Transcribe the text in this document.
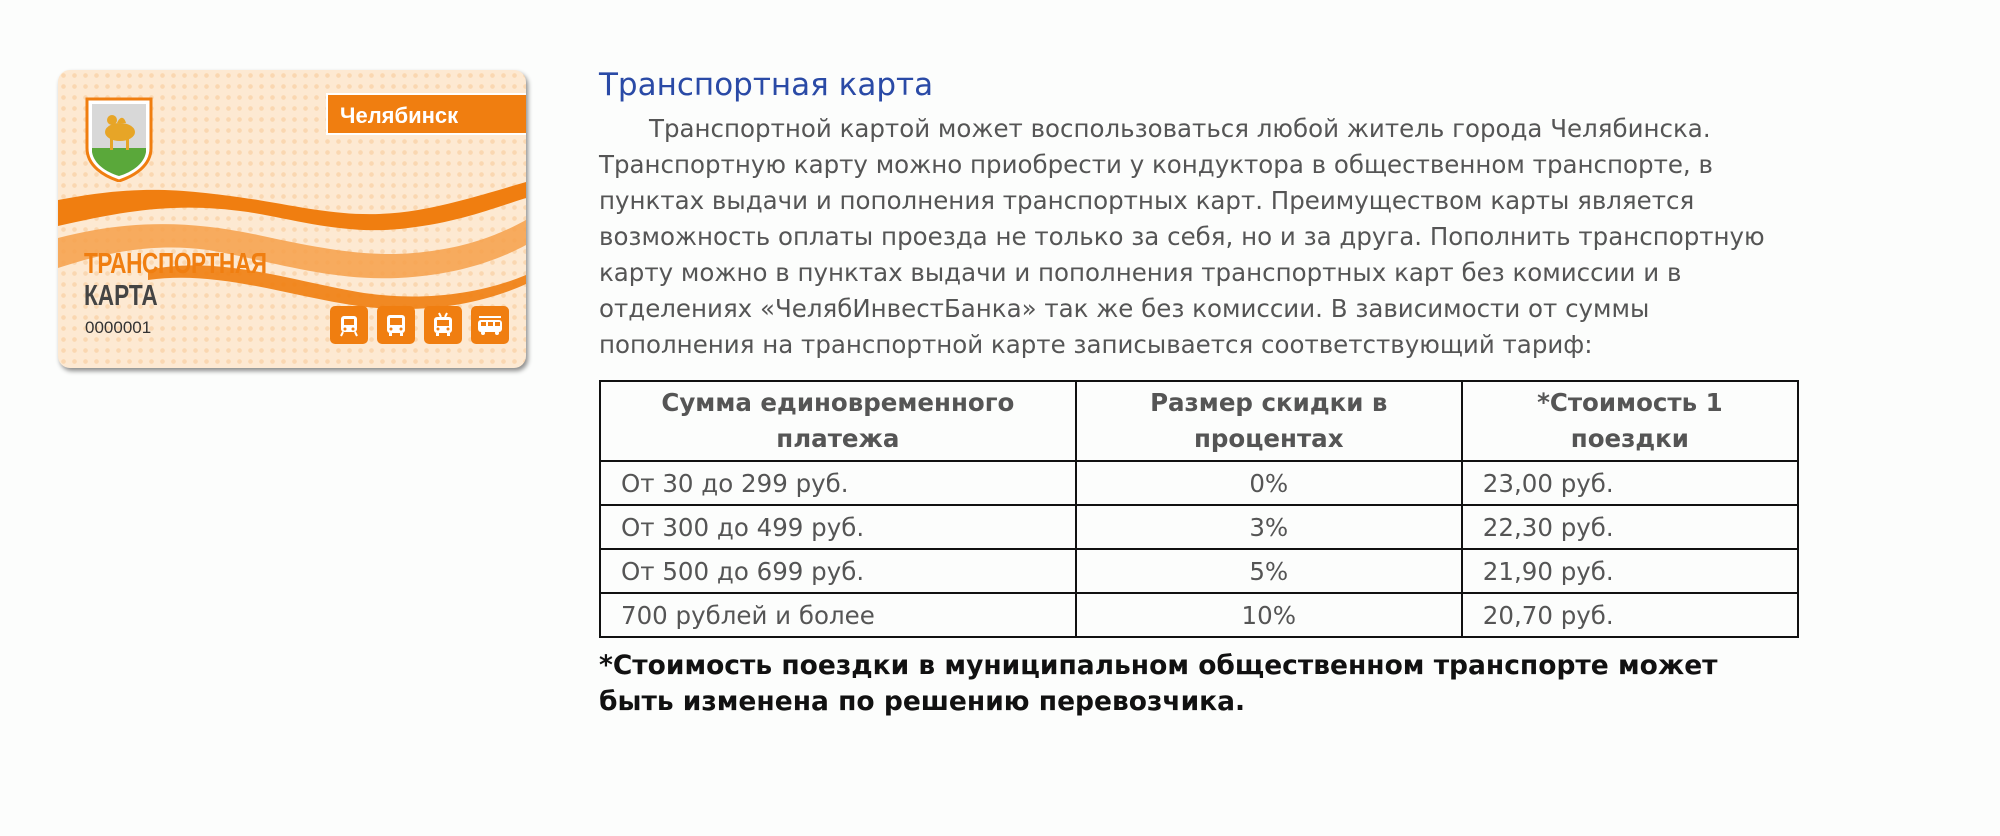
Челябинск
ТРАНСПОРТНАЯ
КАРТА
0000001
Транспортная карта

Транспортной картой может воспользоваться любой житель города Челябинска. Транспортную карту можно приобрести у кондуктора в общественном транспорте, в пунктах выдачи и пополнения транспортных карт. Преимуществом карты является возможность оплаты проезда не только за себя, но и за друга. Пополнить транспортную карту можно в пунктах выдачи и пополнения транспортных карт без комиссии и в отделениях «ЧелябИнвестБанка» так же без комиссии. В зависимости от суммы пополнения на транспортной карте записывается соответствующий тариф:

Сумма единовременного платежа	Размер скидки в процентах	*Стоимость 1 поездки
От 30 до 299 руб.	0%	23,00 руб.
От 300 до 499 руб.	3%	22,30 руб.
От 500 до 699 руб.	5%	21,90 руб.
700 рублей и более	10%	20,70 руб.

*Стоимость поездки в муниципальном общественном транспорте может быть изменена по решению перевозчика.
